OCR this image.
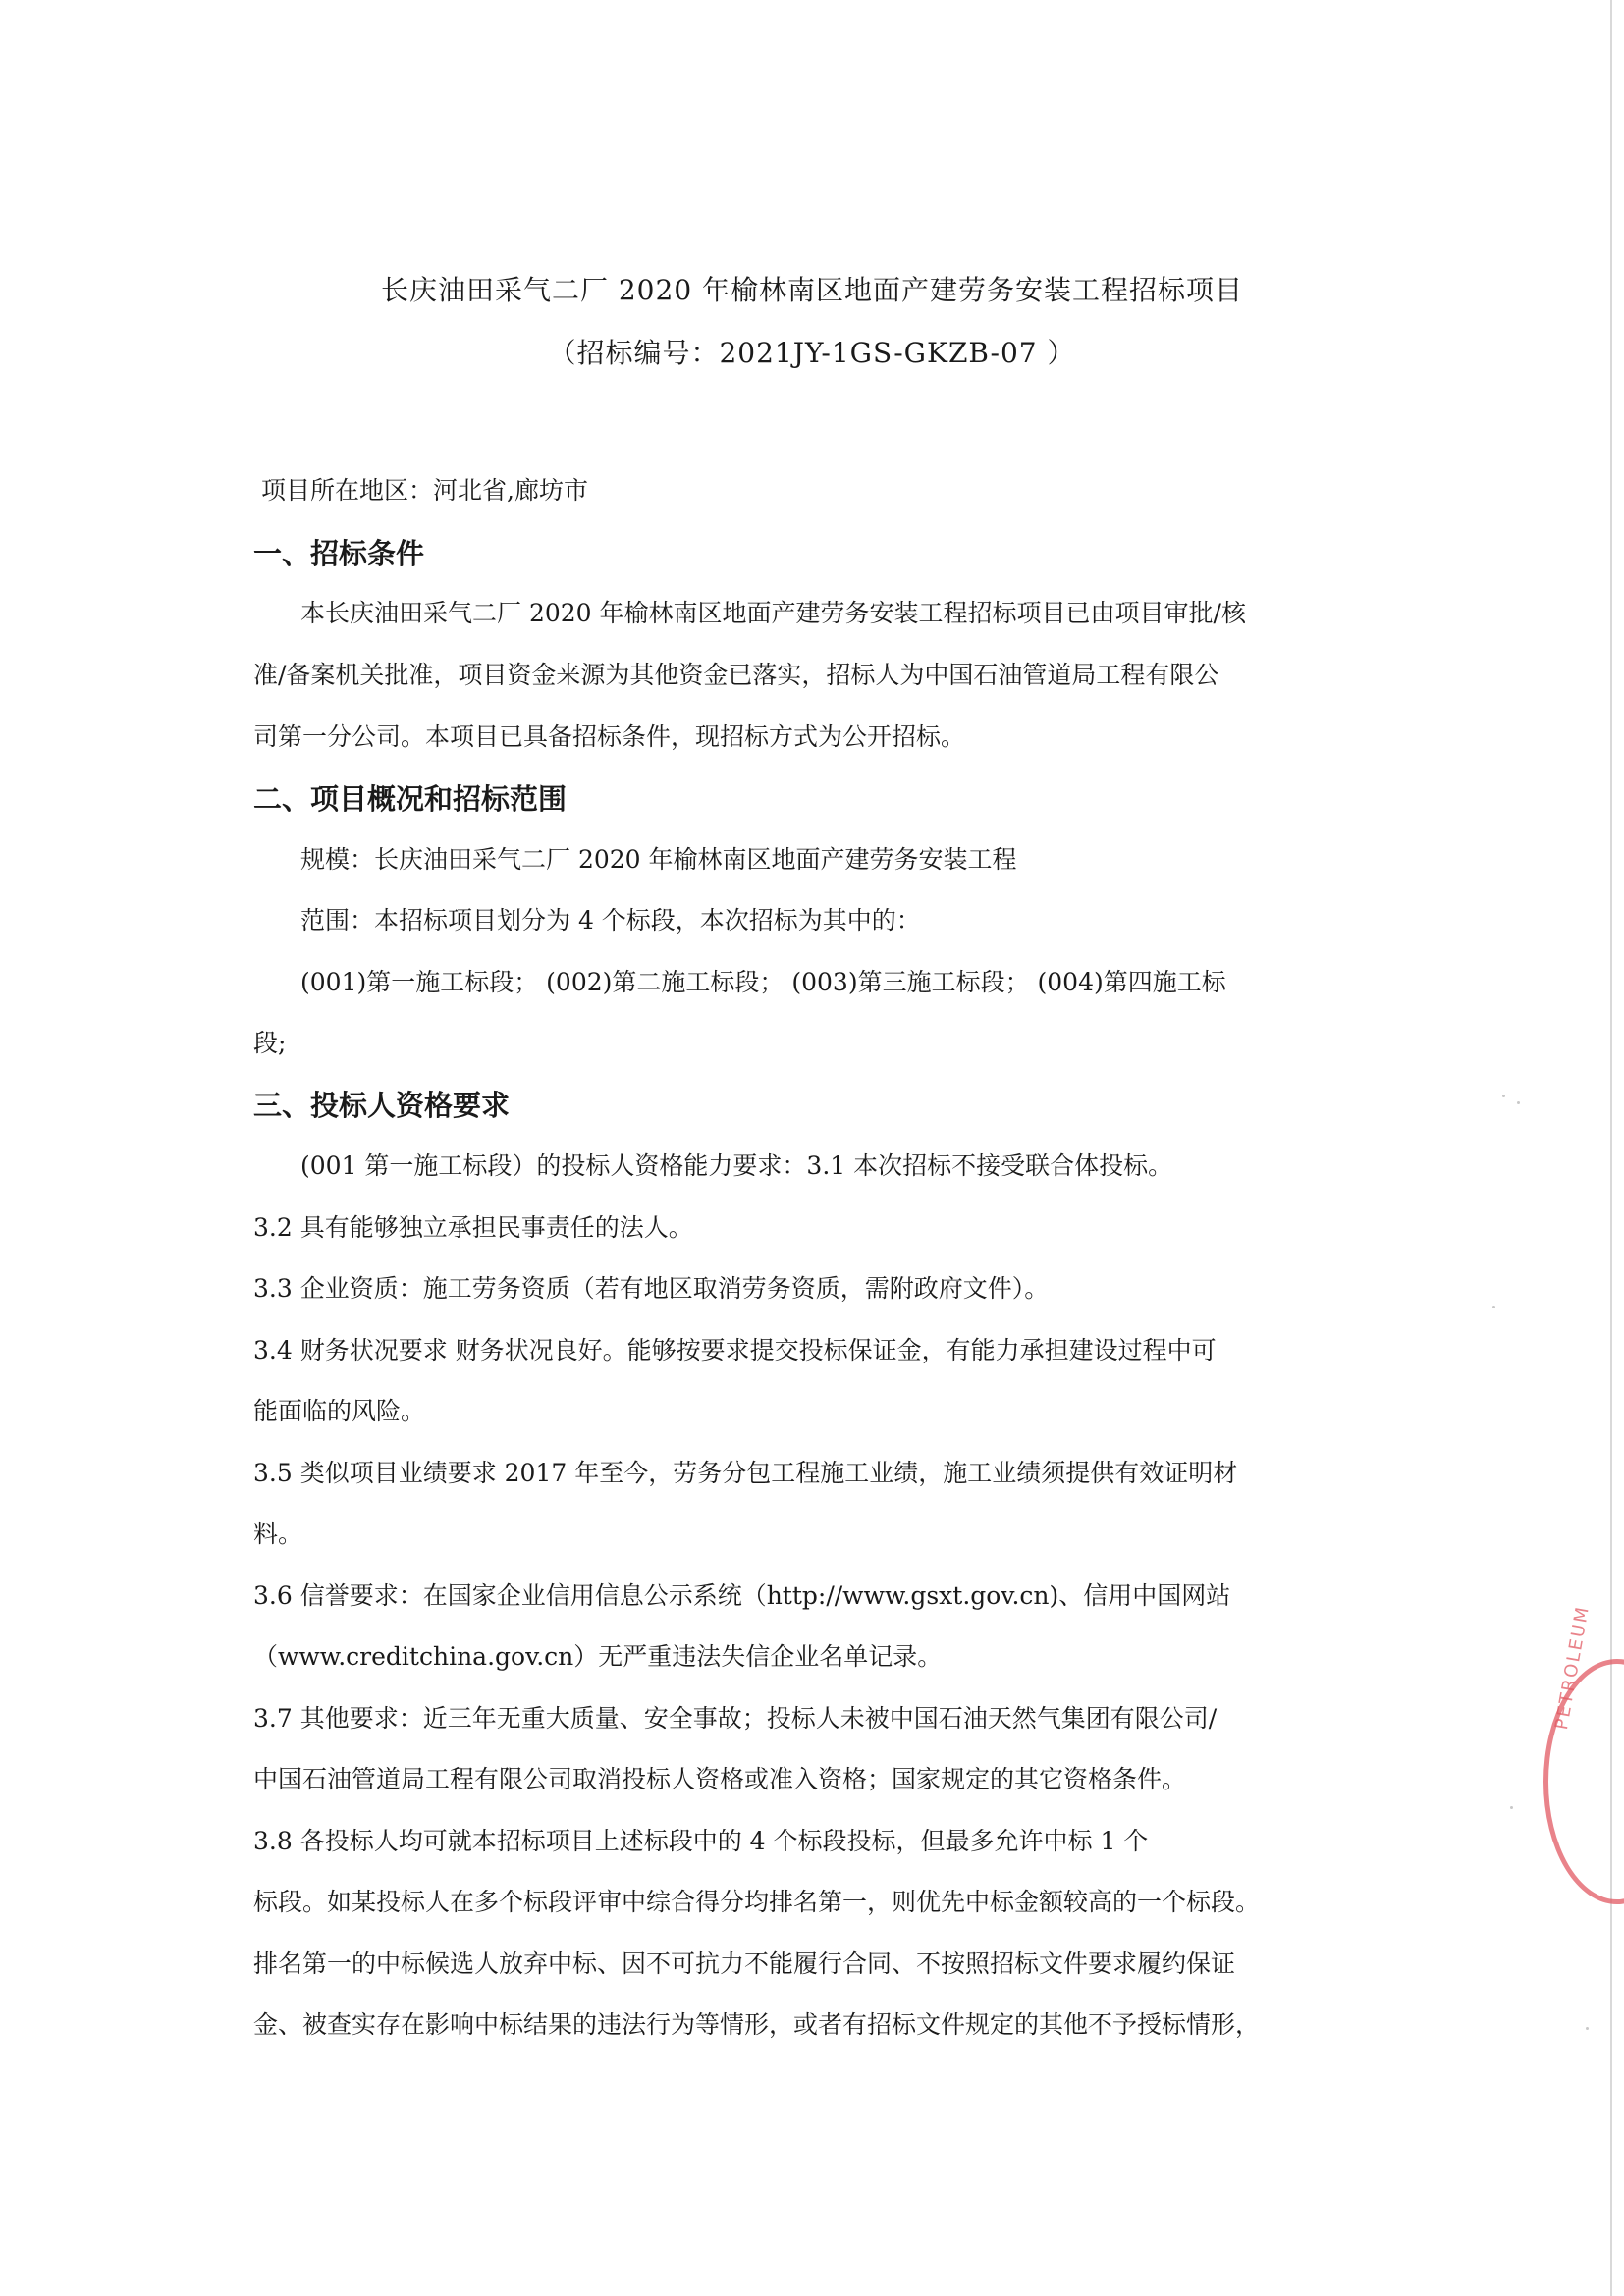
长庆油田采气二厂 2020 年榆林南区地面产建劳务安装工程招标项目
（招标编号：2021JY-1GS-GKZB-07 ）
项目所在地区：河北省,廊坊市
一、招标条件
本长庆油田采气二厂 2020 年榆林南区地面产建劳务安装工程招标项目已由项目审批/核
准/备案机关批准，项目资金来源为其他资金已落实，招标人为中国石油管道局工程有限公
司第一分公司。本项目已具备招标条件，现招标方式为公开招标。
二、项目概况和招标范围
规模：长庆油田采气二厂 2020 年榆林南区地面产建劳务安装工程
范围：本招标项目划分为 4 个标段，本次招标为其中的：
(001)第一施工标段； (002)第二施工标段； (003)第三施工标段； (004)第四施工标
段;
三、投标人资格要求
(001 第一施工标段）的投标人资格能力要求：3.1 本次招标不接受联合体投标。
3.2 具有能够独立承担民事责任的法人。
3.3 企业资质：施工劳务资质（若有地区取消劳务资质，需附政府文件）。
3.4 财务状况要求 财务状况良好。能够按要求提交投标保证金，有能力承担建设过程中可
能面临的风险。
3.5 类似项目业绩要求 2017 年至今，劳务分包工程施工业绩，施工业绩须提供有效证明材
料。
3.6 信誉要求：在国家企业信用信息公示系统（http://www.gsxt.gov.cn)、信用中国网站
（www.creditchina.gov.cn）无严重违法失信企业名单记录。
3.7 其他要求：近三年无重大质量、安全事故；投标人未被中国石油天然气集团有限公司/
中国石油管道局工程有限公司取消投标人资格或准入资格；国家规定的其它资格条件。
3.8 各投标人均可就本招标项目上述标段中的 4 个标段投标，但最多允许中标 1 个
标段。如某投标人在多个标段评审中综合得分均排名第一，则优先中标金额较高的一个标段。
排名第一的中标候选人放弃中标、因不可抗力不能履行合同、不按照招标文件要求履约保证
金、被查实存在影响中标结果的违法行为等情形，或者有招标文件规定的其他不予授标情形，
PETROLEUM
